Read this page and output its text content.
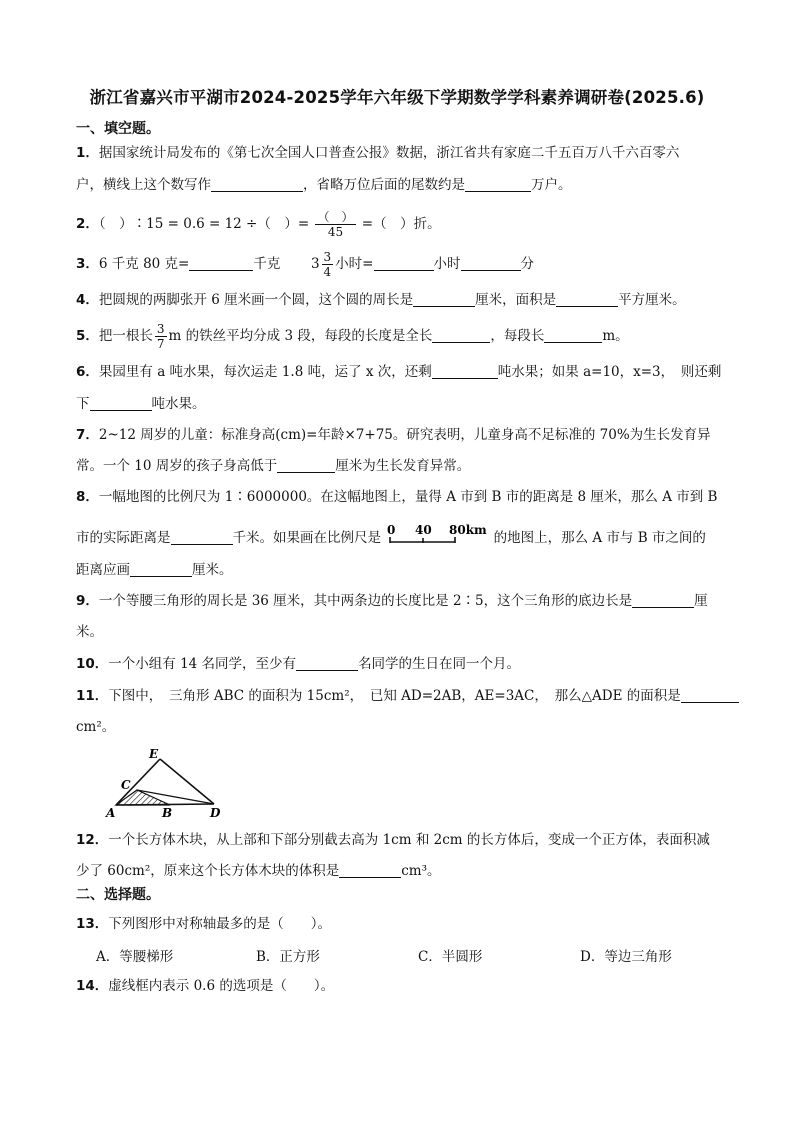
浙江省嘉兴市平湖市2024-2025学年六年级下学期数学学科素养调研卷(2025.6)
一、填空题。
1．据国家统计局发布的《第七次全国人口普查公报》数据，浙江省共有家庭二千五百万八千六百零六
户，横线上这个数写作	，省略万位后面的尾数约是	万户。
2．（　）∶15 = 0.6 = 12 ÷（　）= $\frac{( )}{45}$ =（　）折。
3．6 千克 80 克=	千克 $3 \frac{3}{4}$ 小时=	小时	分
4．把圆规的两脚张开 6 厘米画一个圆，这个圆的周长是	厘米，面积是	平方厘米。
5．把一根长 $\frac{3}{7}$ m 的铁丝平均分成 3 段，每段的长度是全长	，每段长	m。
6．果园里有 a 吨水果，每次运走 1.8 吨，运了 x 次，还剩	吨水果；如果 a=10，x=3，　则还剩
下	吨水果。
7．2~12 周岁的儿童：标准身高(cm)=年龄×7+75。研究表明，儿童身高不足标准的 70%为生长发育异
常。一个 10 周岁的孩子身高低于	厘米为生长发育异常。
8．一幅地图的比例尺为 1∶6000000。在这幅地图上，量得 A 市到 B 市的距离是 8 厘米，那么 A 市到 B
市的实际距离是	千米。如果画在比例尺是 0 40 80km 的地图上，那么 A 市与 B 市之间的
距离应画	厘米。
9．一个等腰三角形的周长是 36 厘米，其中两条边的长度比是 2∶5，这个三角形的底边长是	厘
米。
10．一个小组有 14 名同学，至少有	名同学的生日在同一个月。
11．下图中，　三角形 ABC 的面积为 15cm²，　已知 AD=2AB，AE=3AC，　那么△ADE 的面积是
cm²。
E
C
A	B	D
12．一个长方体木块，从上部和下部分别截去高为 1cm 和 2cm 的长方体后，变成一个正方体，表面积减
少了 60cm²，原来这个长方体木块的体积是	cm³。
二、选择题。
13．下列图形中对称轴最多的是（　　）。
A．等腰梯形	B．正方形	C．半圆形	D．等边三角形
14．虚线框内表示 0.6 的选项是（　　）。
